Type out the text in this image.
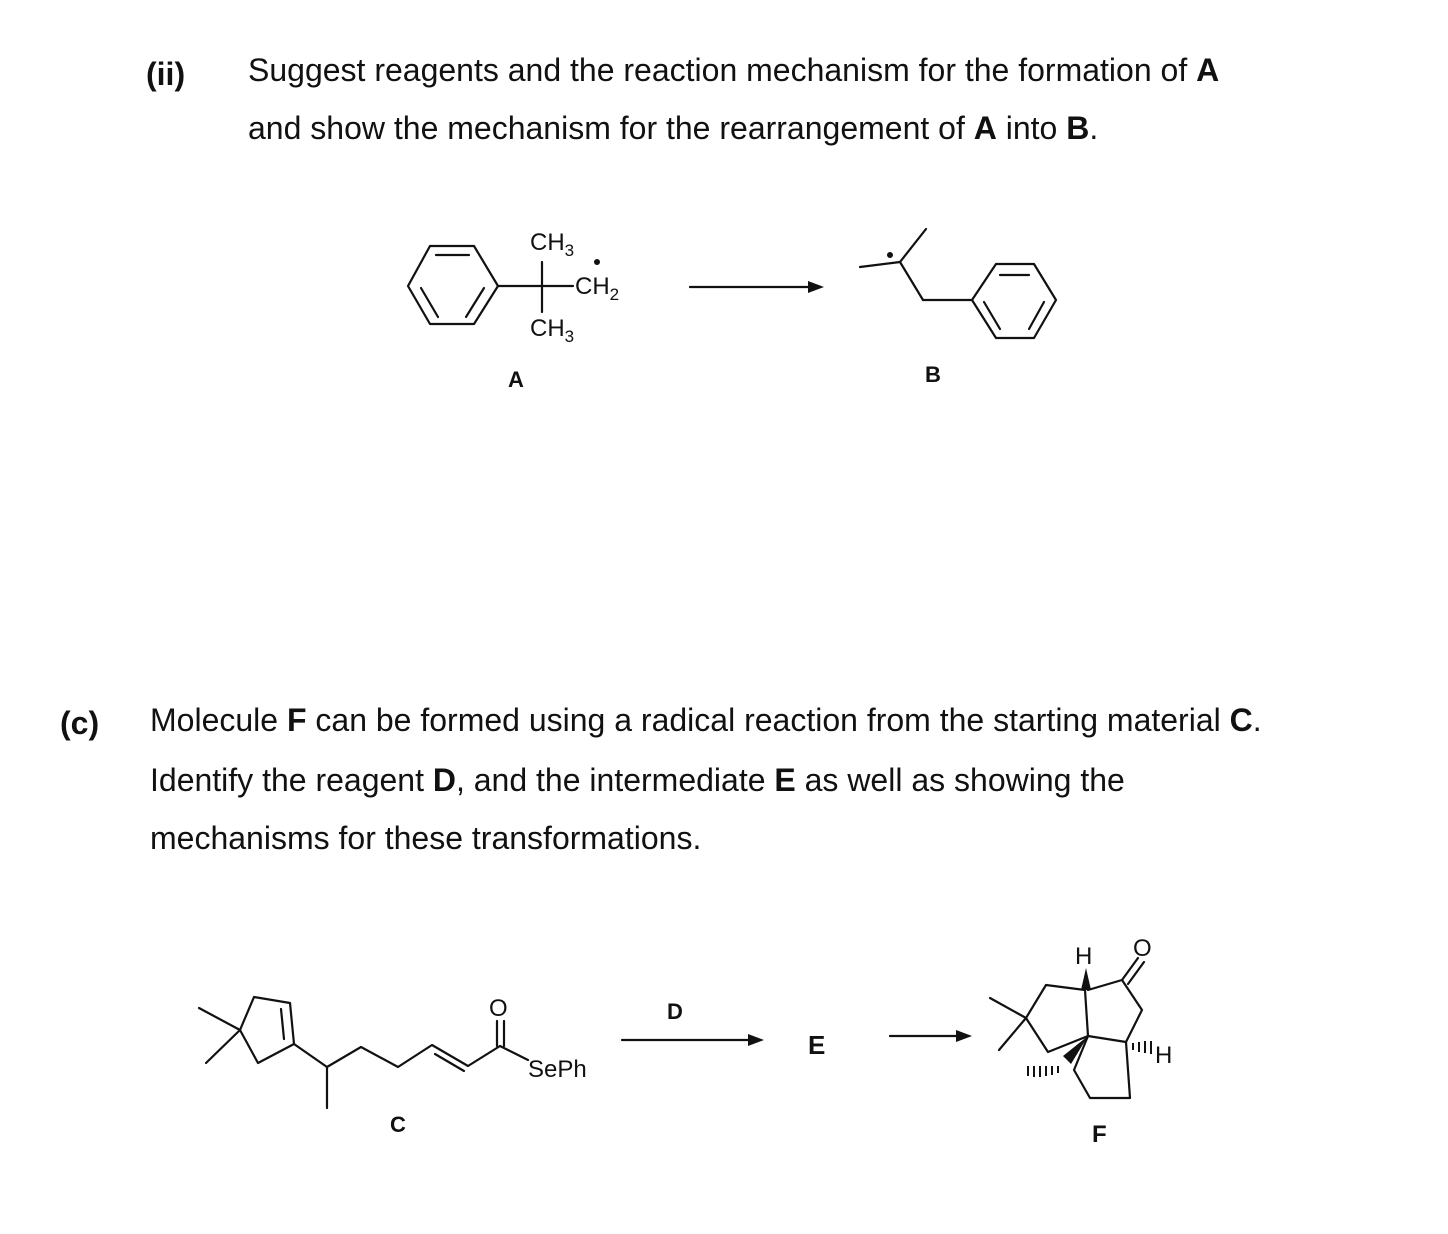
(ii) Suggest reagents and the reaction mechanism for the formation of A
and show the mechanism for the rearrangement of A into B.
(c) Molecule F can be formed using a radical reaction from the starting material C.
Identify the reagent D, and the intermediate E as well as showing the
mechanisms for these transformations.
$CH_3$
$CH_2$
$CH_3$
A	B
O
SePh
C
D
E
O
H
H
F
